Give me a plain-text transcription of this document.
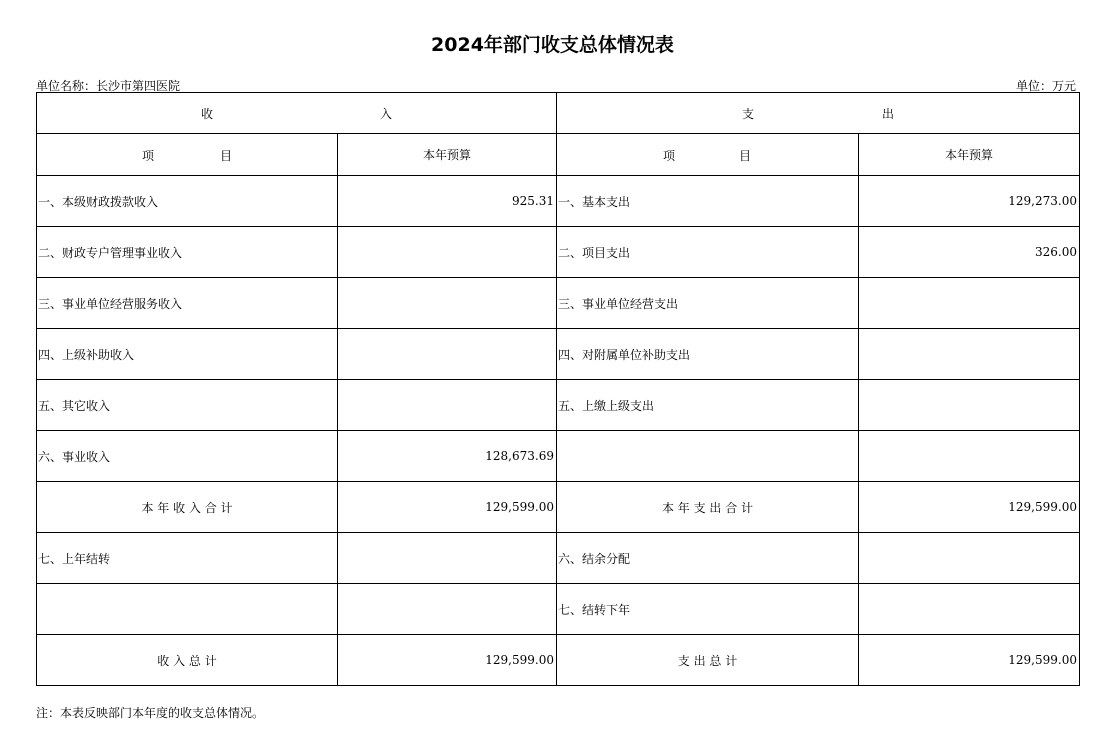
2024年部门收支总体情况表
单位名称：长沙市第四医院	单位：万元
收 入		支 出	

项 目	本年预算	项 目	本年预算
一、本级财政拨款收入	925.31	一、基本支出	129,273.00
二、财政专户管理事业收入		二、项目支出	326.00
三、事业单位经营服务收入		三、事业单位经营支出	
四、上级补助收入		四、对附属单位补助支出	
五、其它收入		五、上缴上级支出	
六、事业收入	128,673.69		
本 年 收 入 合 计	129,599.00	本 年 支 出 合 计	129,599.00
七、上年结转		六、结余分配	
		七、结转下年	
收 入 总 计	129,599.00	支 出 总 计	129,599.00
注：本表反映部门本年度的收支总体情况。
